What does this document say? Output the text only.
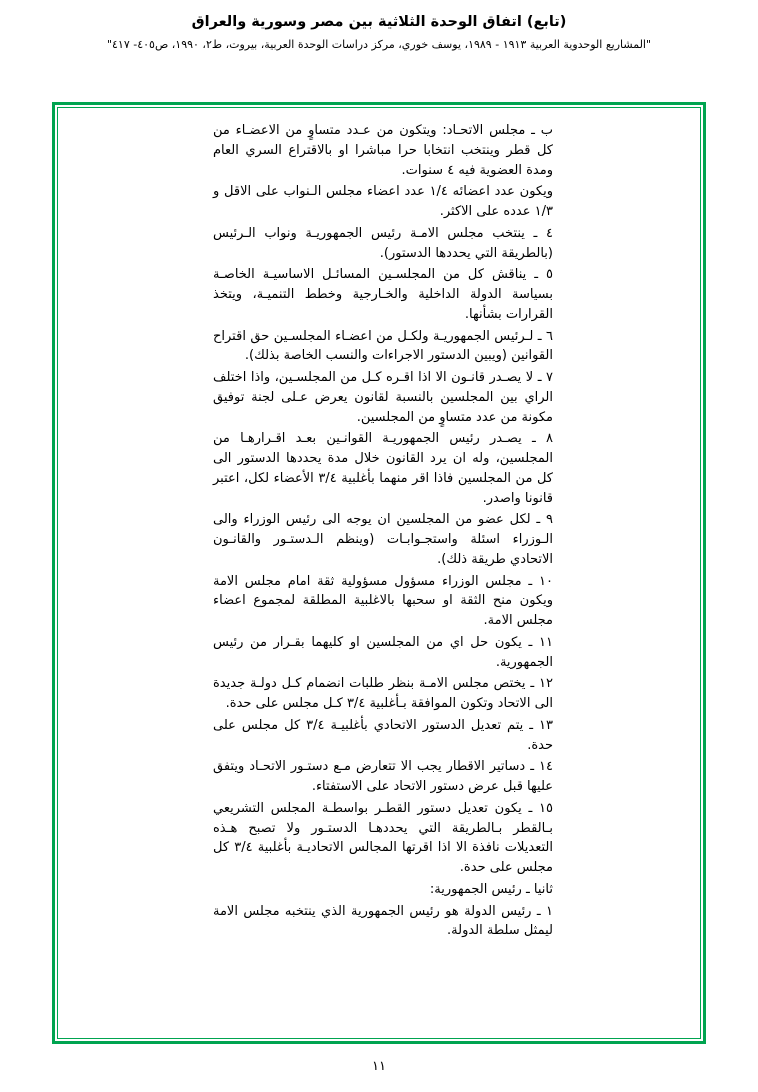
(تابع) اتفاق الوحدة الثلاثية بين مصر وسورية والعراق
"المشاريع الوحدوية العربية ١٩١٣ - ١٩٨٩، يوسف خوري، مركز دراسات الوحدة العربية، بيروت، ط٢، ١٩٩٠، ص٤٠٥- ٤١٧"

ب ـ مجلس الاتحـاد: ويتكون من عـدد متساوٍ من الاعضـاء من كل قطر وينتخب انتخابا حرا مباشرا او بالاقتراع السري العام ومدة العضوية فيه ٤ سنوات.

ويكون عدد اعضائه ١/٤ عدد اعضاء مجلس الـنواب على الاقل و ١/٣ عدده على الاكثر.

٤ ـ ينتخب مجلس الامـة رئيس الجمهوريـة ونواب الـرئيس (بالطريقة التي يحددها الدستور).

٥ ـ يناقش كل من المجلسـين المسائـل الاساسيـة الخاصـة بسياسة الدولة الداخلية والخـارجية وخطط التنميـة، ويتخذ القرارات بشأنها.

٦ ـ لـرئيس الجمهوريـة ولكـل من اعضـاء المجلسـين حق اقتراح القوانين (ويبين الدستور الاجراءات والنسب الخاصة بذلك).

٧ ـ لا يصـدر قانـون الا اذا اقـره كـل من المجلسـين، واذا اختلف الراي بين المجلسين بالنسبة لقانون يعرض عـلى لجنة توفيق مكونة من عدد متساوٍ من المجلسين.

٨ ـ يصـدر رئيس الجمهوريـة القوانـين بعـد اقـرارهـا من المجلسين، وله ان يرد القانون خلال مدة يحددها الدستور الى كل من المجلسين فاذا اقر منهما بأغلبية ٣/٤ الأعضاء لكل، اعتبر قانونا واصدر.

٩ ـ لكل عضو من المجلسين ان يوجه الى رئيس الوزراء والى الـوزراء اسئلة واستجـوابـات (وينظم الـدستـور والقانـون الاتحادي طريقة ذلك).

١٠ ـ مجلس الوزراء مسؤول مسؤولية ثقة امام مجلس الامة ويكون منح الثقة او سحبها بالاغلبية المطلقة لمجموع اعضاء مجلس الامة.

١١ ـ يكون حل اي من المجلسين او كليهما بقـرار من رئيس الجمهورية.

١٢ ـ يختص مجلس الامـة بنظر طلبات انضمام كـل دولـة جديدة الى الاتحاد وتكون الموافقة بـأغلبية ٣/٤ كـل مجلس على حدة.

١٣ ـ يتم تعديل الدستور الاتحادي بأغلبيـة ٣/٤ كل مجلس على حدة.

١٤ ـ دساتير الاقطار يجب الا تتعارض مـع دستـور الاتحـاد ويتفق عليها قبل عرض دستور الاتحاد على الاستفتاء.

١٥ ـ يكون تعديل دستور القطـر بواسطـة المجلس التشريعي بـالقطر بـالطريقة التي يحددهـا الدستـور ولا تصبح هـذه التعديلات نافذة الا اذا اقرتها المجالس الاتحاديـة بأغلبية ٣/٤ كل مجلس على حدة.

ثانيا ـ رئيس الجمهورية:

١ ـ رئيس الدولة هو رئيس الجمهورية الذي ينتخبه مجلس الامة ليمثل سلطة الدولة.

١١
